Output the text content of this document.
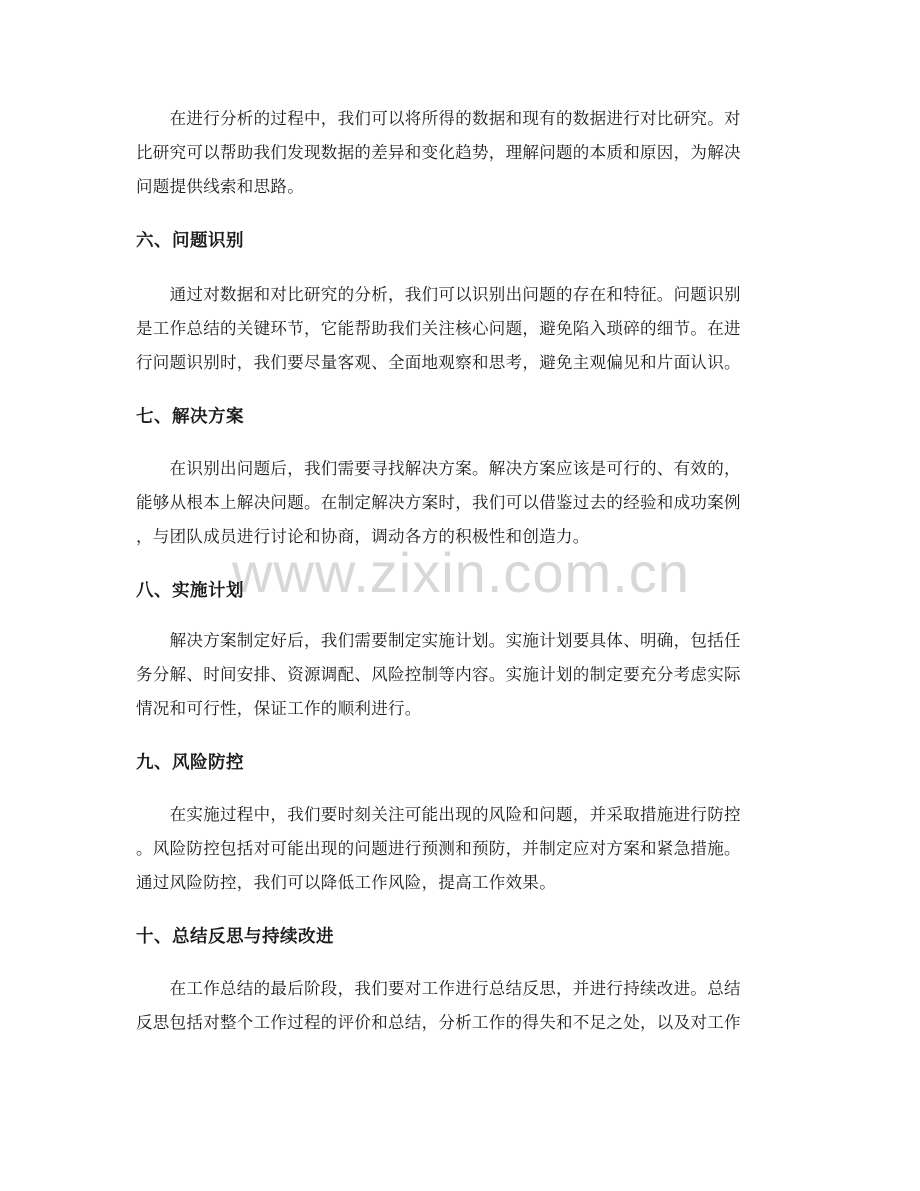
www.zixin.com.cn
　　在进行分析的过程中，我们可以将所得的数据和现有的数据进行对比研究。对
比研究可以帮助我们发现数据的差异和变化趋势，理解问题的本质和原因，为解决
问题提供线索和思路。
六、问题识别
　　通过对数据和对比研究的分析，我们可以识别出问题的存在和特征。问题识别
是工作总结的关键环节，它能帮助我们关注核心问题，避免陷入琐碎的细节。在进
行问题识别时，我们要尽量客观、全面地观察和思考，避免主观偏见和片面认识。
七、解决方案
　　在识别出问题后，我们需要寻找解决方案。解决方案应该是可行的、有效的，
能够从根本上解决问题。在制定解决方案时，我们可以借鉴过去的经验和成功案例
，与团队成员进行讨论和协商，调动各方的积极性和创造力。
八、实施计划
　　解决方案制定好后，我们需要制定实施计划。实施计划要具体、明确，包括任
务分解、时间安排、资源调配、风险控制等内容。实施计划的制定要充分考虑实际
情况和可行性，保证工作的顺利进行。
九、风险防控
　　在实施过程中，我们要时刻关注可能出现的风险和问题，并采取措施进行防控
。风险防控包括对可能出现的问题进行预测和预防，并制定应对方案和紧急措施。
通过风险防控，我们可以降低工作风险，提高工作效果。
十、总结反思与持续改进
　　在工作总结的最后阶段，我们要对工作进行总结反思，并进行持续改进。总结
反思包括对整个工作过程的评价和总结，分析工作的得失和不足之处，以及对工作
